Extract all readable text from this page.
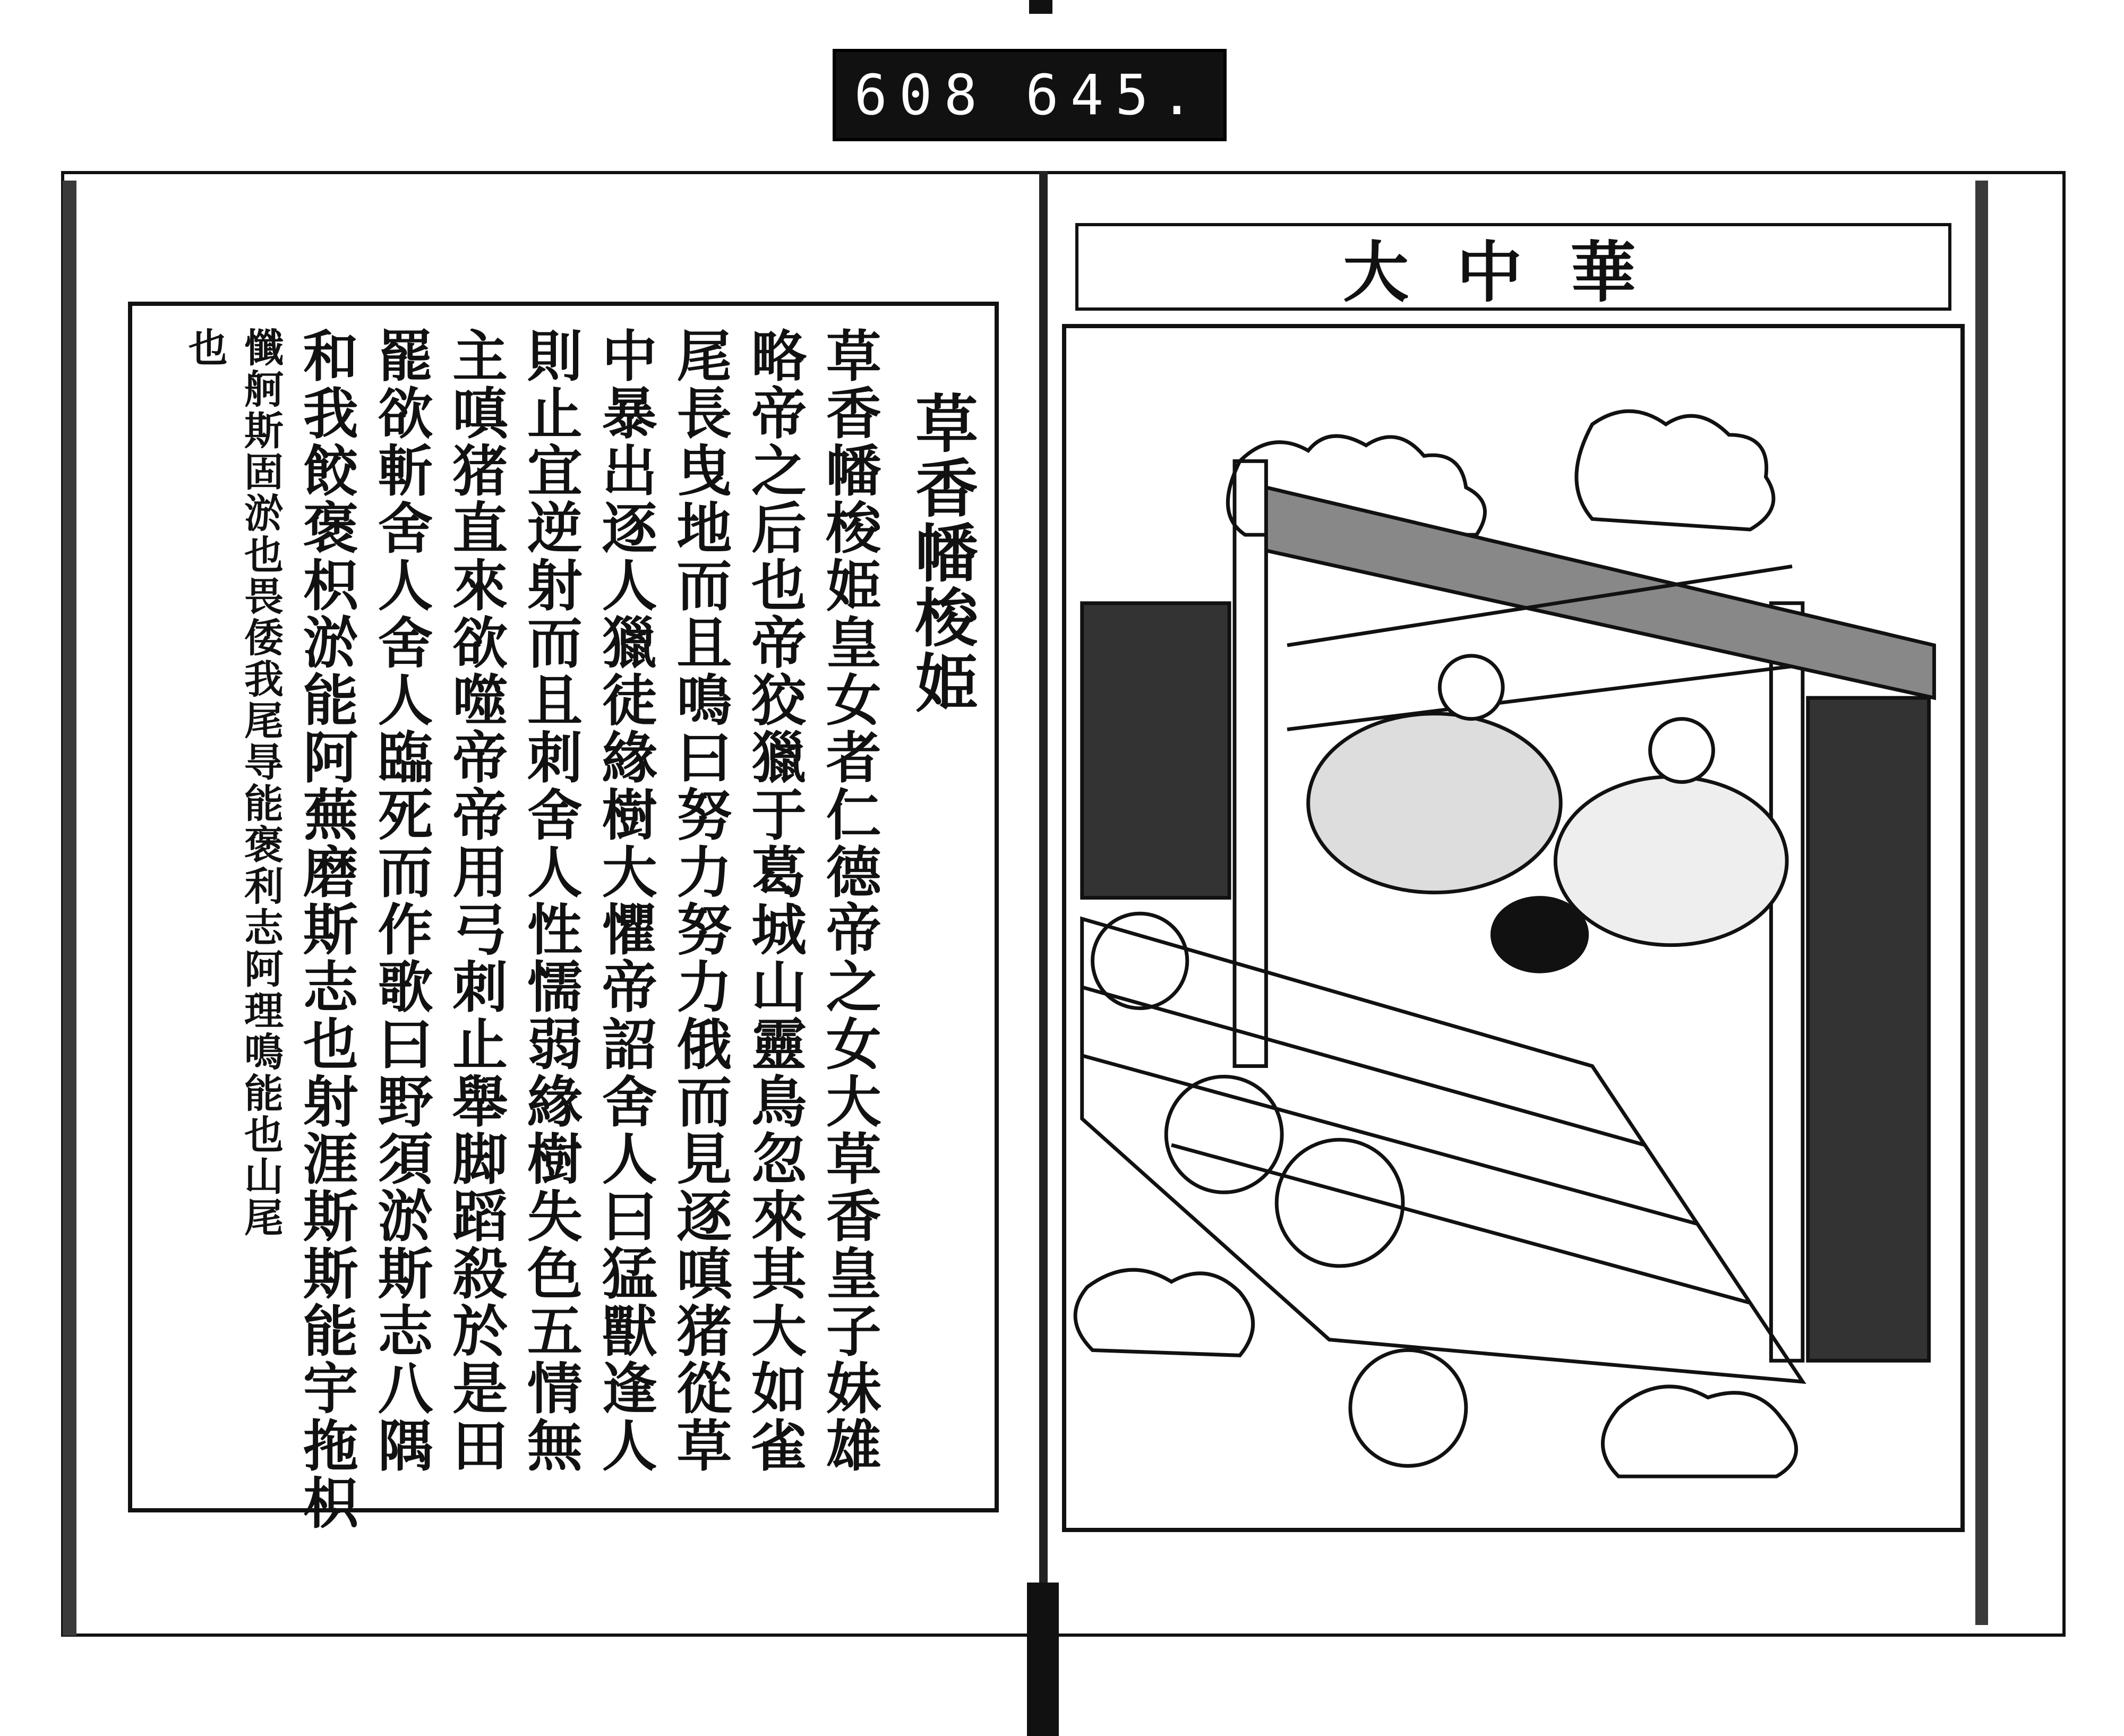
608 645.
草香幡梭姫
草香幡梭姫皇女者仁德帝之女大草香皇子妹雄
略帝之后也帝狡獵于葛城山靈鳥忽來其大如雀
尾長曳地而且鳴曰努力努力俄而見逐嗔猪從草
中暴出逐人獵徒緣樹大懼帝詔舍人曰猛獸逢人
則止宜逆射而且刺舍人性懦弱緣樹失色五情無
主嗔猪直來欲噬帝帝用弓刺止舉脚蹈殺於是田
罷欲斬舍人舍人臨死而作歌曰野須淤斯志八隅
和我餃褒枳淤能阿蕪磨斯志也射涯斯斯能宇拖枳
懺舸斯固淤也畏倭我尾㝵能褒利志阿理鳴能也山尾
也
大中華
